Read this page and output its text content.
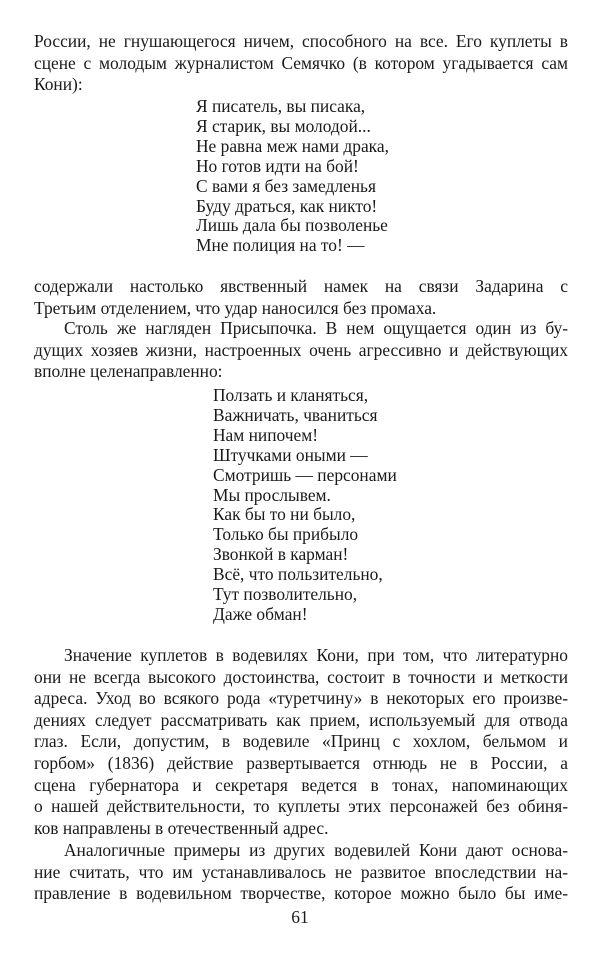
России, не гнушающегося ничем, способного на все. Его куплеты в
сцене с молодым журналистом Семячко (в котором угадывается сам
Кони):
Я писатель, вы писака,
Я старик, вы молодой...
Не равна меж нами драка,
Но готов идти на бой!
С вами я без замедленья
Буду драться, как никто!
Лишь дала бы позволенье
Мне полиция на то! —
содержали настолько явственный намек на связи Задарина с
Третьим отделением, что удар наносился без промаха.
Столь же нагляден Присыпочка. В нем ощущается один из бу-
дущих хозяев жизни, настроенных очень агрессивно и действующих
вполне целенаправленно:
Ползать и кланяться,
Важничать, чваниться
Нам нипочем!
Штучками оными —
Смотришь — персонами
Мы прослывем.
Как бы то ни было,
Только бы прибыло
Звонкой в карман!
Всё, что пользительно,
Тут позволительно,
Даже обман!
Значение куплетов в водевилях Кони, при том, что литературно
они не всегда высокого достоинства, состоит в точности и меткости
адреса. Уход во всякого рода «туретчину» в некоторых его произве-
дениях следует рассматривать как прием, используемый для отвода
глаз. Если, допустим, в водевиле «Принц с хохлом, бельмом и
горбом» (1836) действие развертывается отнюдь не в России, а
сцена губернатора и секретаря ведется в тонах, напоминающих
о нашей действительности, то куплеты этих персонажей без обиня-
ков направлены в отечественный адрес.
Аналогичные примеры из других водевилей Кони дают основа-
ние считать, что им устанавливалось не развитое впоследствии на-
правление в водевильном творчестве, которое можно было бы име-
61
